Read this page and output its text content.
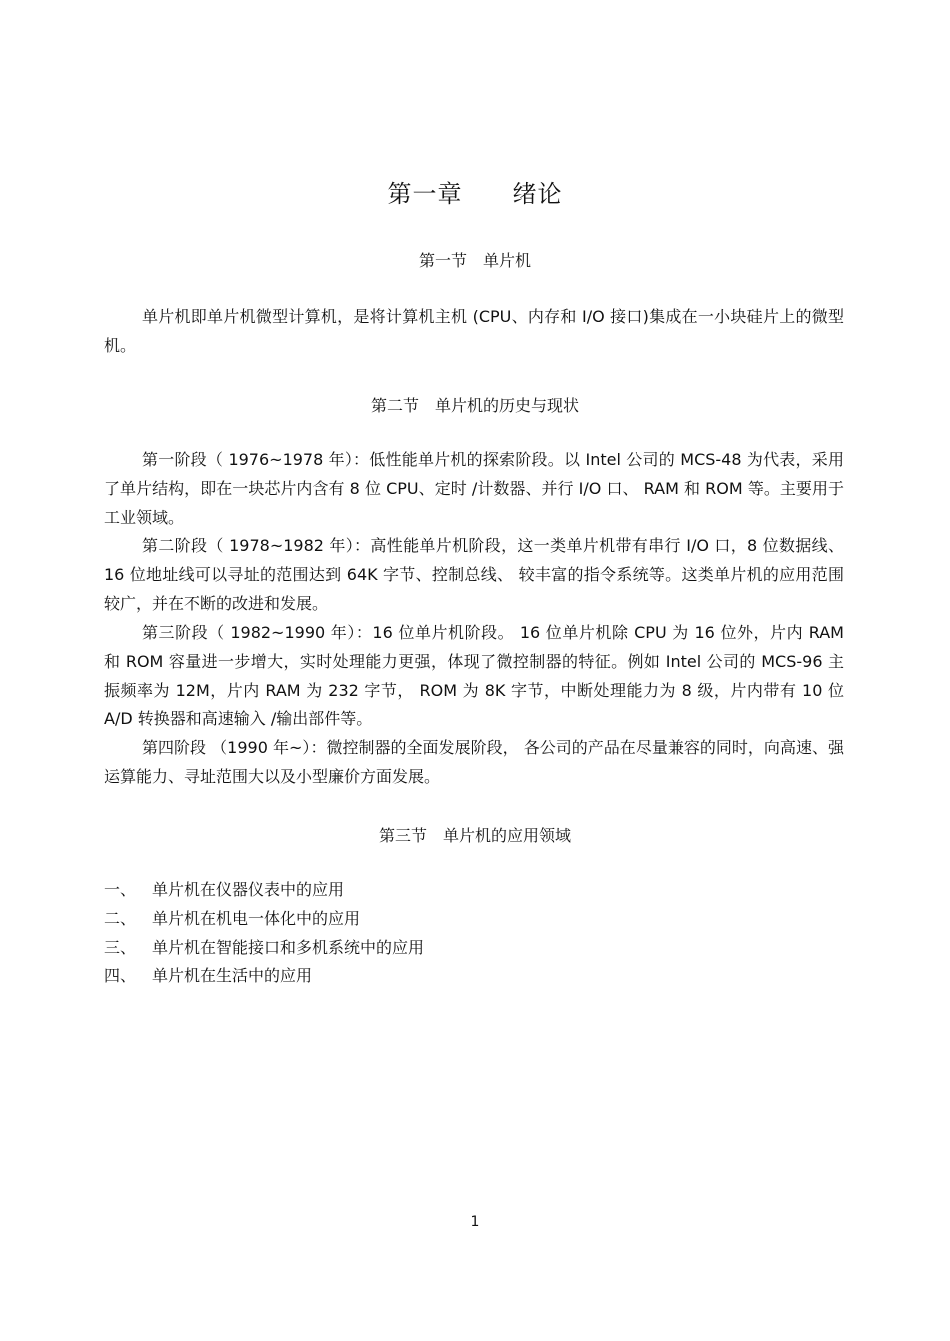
第一章　　绪论
第一节　单片机

单片机即单片机微型计算机，是将计算机主机 (CPU、内存和 I/O 接口)集成在一小块硅片上的微型机。

第二节　单片机的历史与现状

第一阶段（ 1976~1978 年）：低性能单片机的探索阶段。以 Intel 公司的 MCS-48 为代表，采用了单片结构，即在一块芯片内含有 8 位 CPU、定时 /计数器、并行 I/O 口、 RAM 和 ROM 等。主要用于工业领域。

第二阶段（ 1978~1982 年）：高性能单片机阶段，这一类单片机带有串行 I/O 口，8 位数据线、 16 位地址线可以寻址的范围达到 64K 字节、控制总线、 较丰富的指令系统等。这类单片机的应用范围较广，并在不断的改进和发展。

第三阶段（ 1982~1990 年）：16 位单片机阶段。 16 位单片机除 CPU 为 16 位外，片内 RAM 和 ROM 容量进一步增大，实时处理能力更强，体现了微控制器的特征。例如 Intel 公司的 MCS-96 主振频率为 12M，片内 RAM 为 232 字节， ROM 为 8K 字节，中断处理能力为 8 级，片内带有 10 位 A/D 转换器和高速输入 /输出部件等。

第四阶段 （1990 年~）：微控制器的全面发展阶段， 各公司的产品在尽量兼容的同时，向高速、强运算能力、寻址范围大以及小型廉价方面发展。

第三节　单片机的应用领域
一、 单片机在仪器仪表中的应用
二、 单片机在机电一体化中的应用
三、 单片机在智能接口和多机系统中的应用
四、 单片机在生活中的应用
1
